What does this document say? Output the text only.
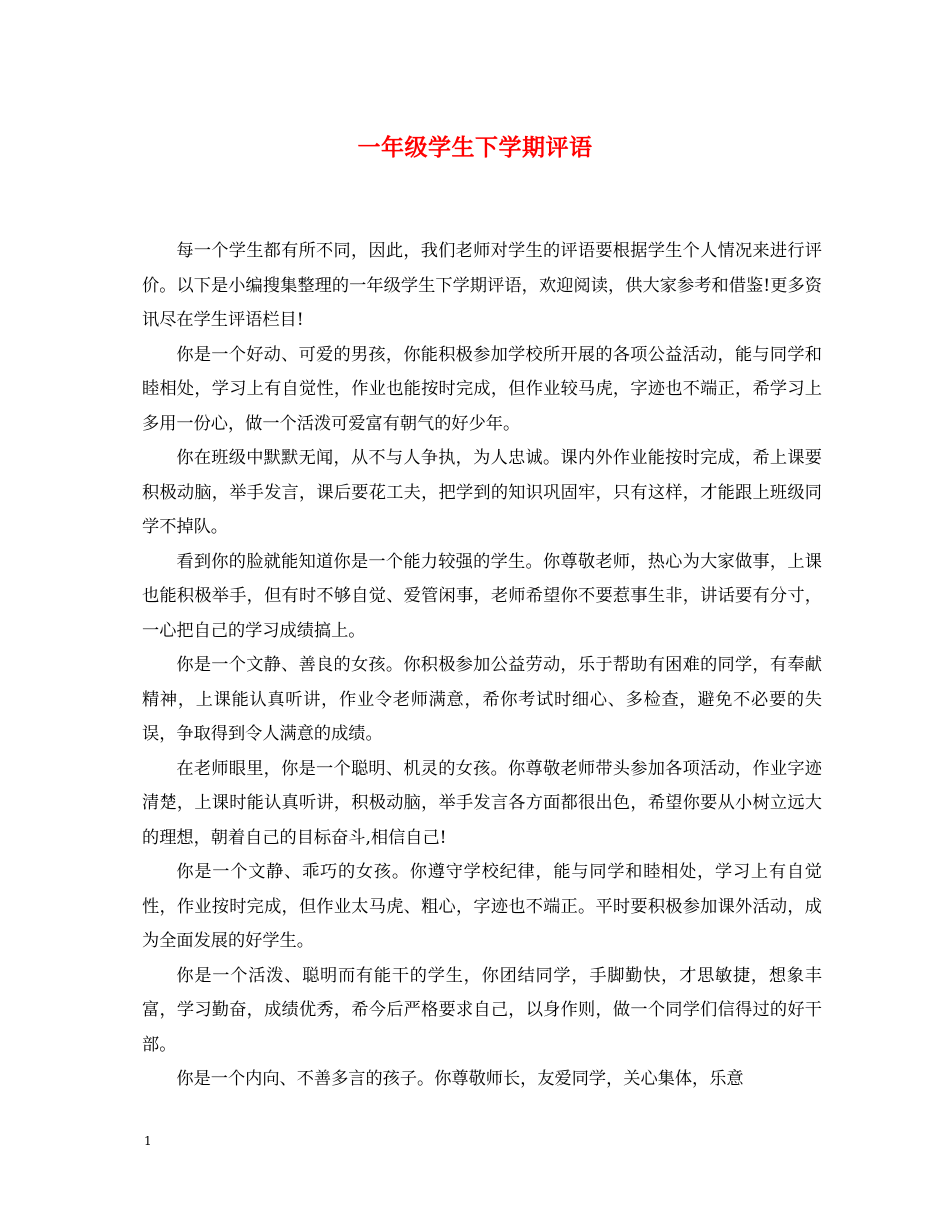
一年级学生下学期评语

每一个学生都有所不同，因此，我们老师对学生的评语要根据学生个人情况来进行评价。以下是小编搜集整理的一年级学生下学期评语，欢迎阅读，供大家参考和借鉴!更多资讯尽在学生评语栏目!

你是一个好动、可爱的男孩，你能积极参加学校所开展的各项公益活动，能与同学和睦相处，学习上有自觉性，作业也能按时完成，但作业较马虎，字迹也不端正，希学习上多用一份心，做一个活泼可爱富有朝气的好少年。

你在班级中默默无闻，从不与人争执，为人忠诚。课内外作业能按时完成，希上课要积极动脑，举手发言，课后要花工夫，把学到的知识巩固牢，只有这样，才能跟上班级同学不掉队。

看到你的脸就能知道你是一个能力较强的学生。你尊敬老师，热心为大家做事，上课也能积极举手，但有时不够自觉、爱管闲事，老师希望你不要惹事生非，讲话要有分寸，一心把自己的学习成绩搞上。

你是一个文静、善良的女孩。你积极参加公益劳动，乐于帮助有困难的同学，有奉献精神，上课能认真听讲，作业令老师满意，希你考试时细心、多检查，避免不必要的失误，争取得到令人满意的成绩。

在老师眼里，你是一个聪明、机灵的女孩。你尊敬老师带头参加各项活动，作业字迹清楚，上课时能认真听讲，积极动脑，举手发言各方面都很出色，希望你要从小树立远大的理想，朝着自己的目标奋斗,相信自己!

你是一个文静、乖巧的女孩。你遵守学校纪律，能与同学和睦相处，学习上有自觉性，作业按时完成，但作业太马虎、粗心，字迹也不端正。平时要积极参加课外活动，成为全面发展的好学生。

你是一个活泼、聪明而有能干的学生，你团结同学，手脚勤快，才思敏捷，想象丰富，学习勤奋，成绩优秀，希今后严格要求自己，以身作则，做一个同学们信得过的好干部。

你是一个内向、不善多言的孩子。你尊敬师长，友爱同学，关心集体，乐意

1
